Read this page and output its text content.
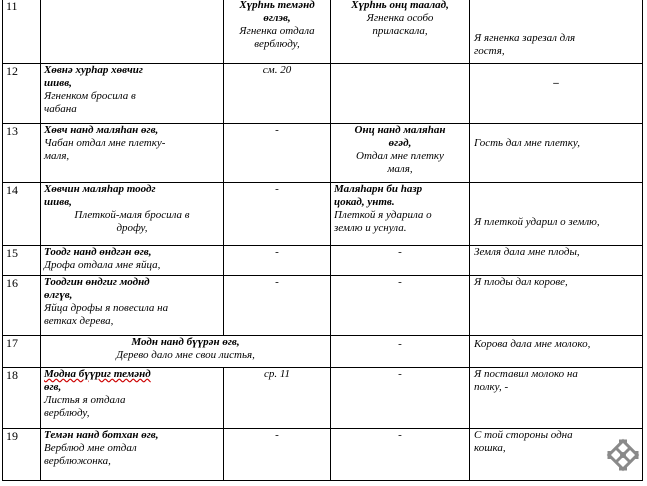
11		Хүрһнь темәнд өглэв,
Ягненка отдала
верблюду,	Хүрһнь онц таалад,
Ягненка особо
приласкала,	Я ягненка зарезал для
гостя,

12	Хөвнә хурһар хөвчиг
шивв,
Ягненком бросила в
чабана	см. 20		–

13	Хөвч нанд маляһан өгв,
Чабан отдал мне плетку-
маля,	-	Онц нанд маляһан
өгәд,
Отдал мне плетку
маля,	Гость дал мне плетку,

14	Хөвчин маляһар тоодг
шивв,
Плеткой-маля бросила в
дрофу,	-	Маляһарн би һазр
цокад, унтв.
Плеткой я ударила о
землю и уснула.	Я плеткой ударил о землю,

15	Тоодг нанд өндгән өгв,
Дрофа отдала мне яйца,	-	-	Земля дала мне плоды,

16	Тоодгин өндгиг моднд
өлгүв,
Яйца дрофы я повесила на
ветках дерева,	-	-	Я плоды дал корове,

17	Модн нанд бүүрән өгв,
Дерево дало мне свои листья,		-	Корова дала мне молоко,

18	Модна бүүриг темәнд
өгв,
Листья я отдала
верблюду,	ср. 11	-	Я поставил молоко на
полку, -

19	Темән нанд ботхан өгв,
Верблюд мне отдал
верблюжонка,	-	-	С той стороны одна
кошка,
